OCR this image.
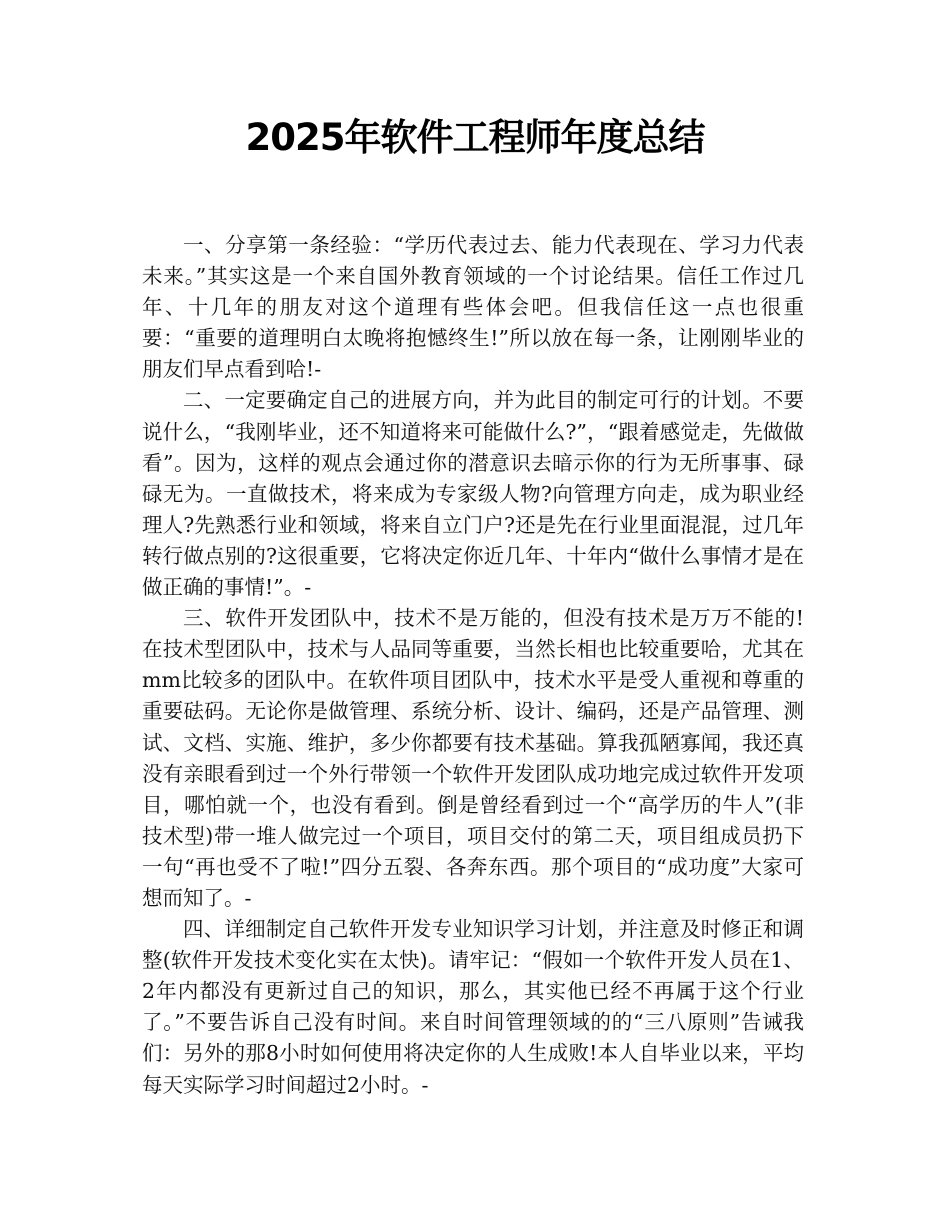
2025年软件工程师年度总结

一、分享第一条经验：“学历代表过去、能力代表现在、学习力代表未来。”其实这是一个来自国外教育领域的一个讨论结果。信任工作过几年、十几年的朋友对这个道理有些体会吧。但我信任这一点也很重要：“重要的道理明白太晚将抱憾终生!”所以放在每一条，让刚刚毕业的朋友们早点看到哈!-

二、一定要确定自己的进展方向，并为此目的制定可行的计划。不要说什么，“我刚毕业，还不知道将来可能做什么?”，“跟着感觉走，先做做看”。因为，这样的观点会通过你的潜意识去暗示你的行为无所事事、碌碌无为。一直做技术，将来成为专家级人物?向管理方向走，成为职业经理人?先熟悉行业和领域，将来自立门户?还是先在行业里面混混，过几年转行做点别的?这很重要，它将决定你近几年、十年内“做什么事情才是在做正确的事情!”。-

三、软件开发团队中，技术不是万能的，但没有技术是万万不能的!在技术型团队中，技术与人品同等重要，当然长相也比较重要哈，尤其在mm比较多的团队中。在软件项目团队中，技术水平是受人重视和尊重的重要砝码。无论你是做管理、系统分析、设计、编码，还是产品管理、测试、文档、实施、维护，多少你都要有技术基础。算我孤陋寡闻，我还真没有亲眼看到过一个外行带领一个软件开发团队成功地完成过软件开发项目，哪怕就一个，也没有看到。倒是曾经看到过一个“高学历的牛人”(非技术型)带一堆人做完过一个项目，项目交付的第二天，项目组成员扔下一句“再也受不了啦!”四分五裂、各奔东西。那个项目的“成功度”大家可想而知了。-

四、详细制定自己软件开发专业知识学习计划，并注意及时修正和调整(软件开发技术变化实在太快)。请牢记：“假如一个软件开发人员在1、2年内都没有更新过自己的知识，那么，其实他已经不再属于这个行业了。”不要告诉自己没有时间。来自时间管理领域的的“三八原则”告诫我们：另外的那8小时如何使用将决定你的人生成败!本人自毕业以来，平均每天实际学习时间超过2小时。-
